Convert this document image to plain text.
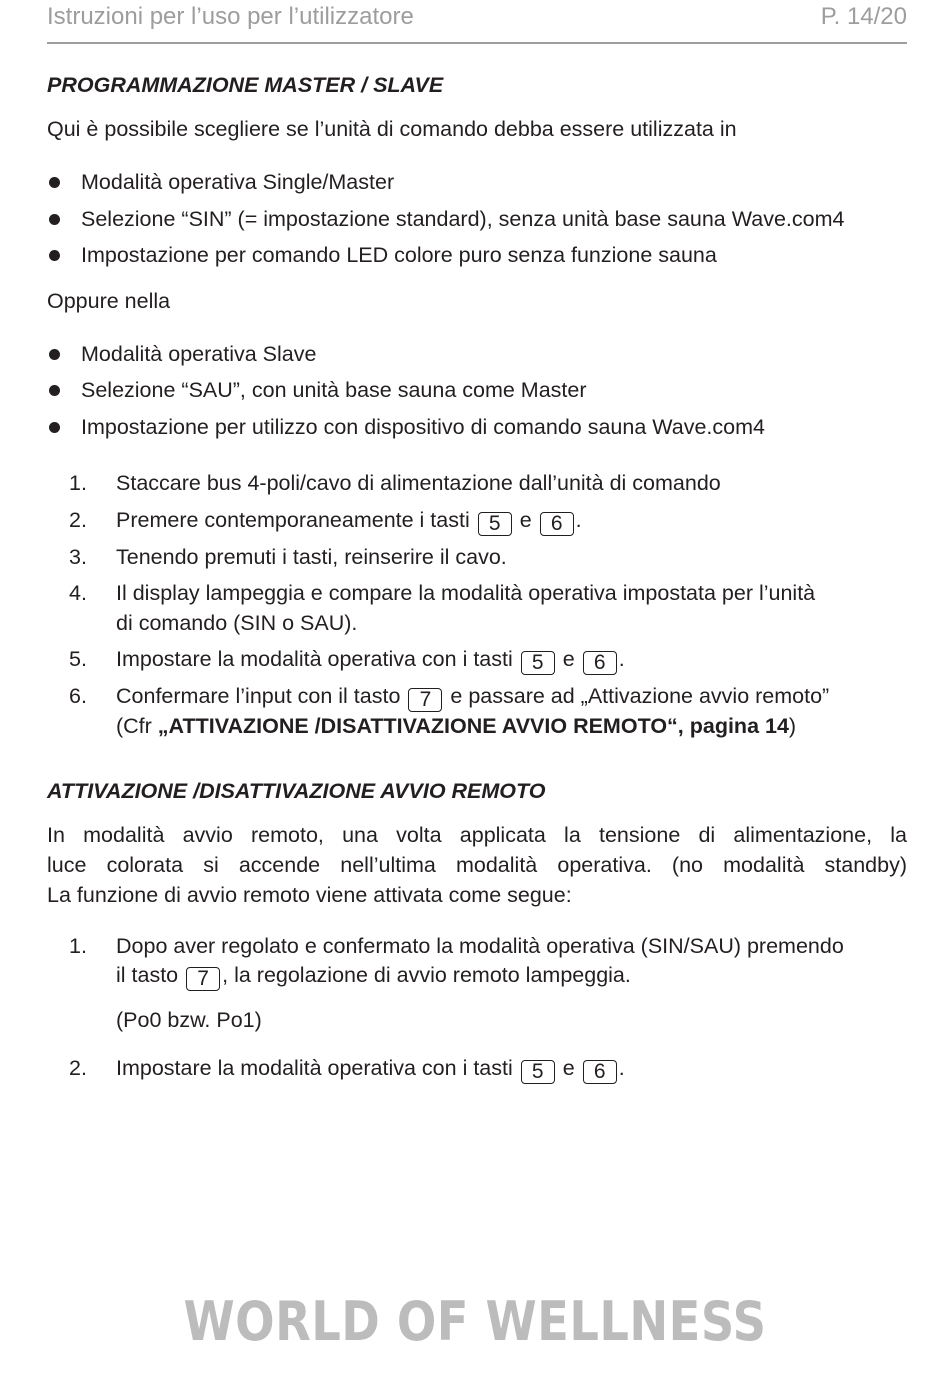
Istruzioni per l’uso per l’utilizzatore	P. 14/20
PROGRAMMAZIONE MASTER / SLAVE

Qui è possibile scegliere se l’unità di comando debba essere utilizzata in

Modalità operativa Single/Master
Selezione “SIN” (= impostazione standard), senza unità base sauna Wave.com4
Impostazione per comando LED colore puro senza funzione sauna

Oppure nella

Modalità operativa Slave
Selezione “SAU”, con unità base sauna come Master
Impostazione per utilizzo con dispositivo di comando sauna Wave.com4
1. Staccare bus 4-poli/cavo di alimentazione dall’unità di comando
2. Premere contemporaneamente i tasti 5 e 6 .
3. Tenendo premuti i tasti, reinserire il cavo.
4. Il display lampeggia e compare la modalità operativa impostata per l’unità
di comando (SIN o SAU).
5. Impostare la modalità operativa con i tasti 5 e 6 .
6. Confermare l’input con il tasto 7 e passare ad „Attivazione avvio remoto”
(Cfr „ATTIVAZIONE /DISATTIVAZIONE AVVIO REMOTO“, pagina 14)
ATTIVAZIONE /DISATTIVAZIONE AVVIO REMOTO

In modalità avvio remoto, una volta applicata la tensione di alimentazione, la
luce colorata si accende nell’ultima modalità operativa. (no modalità standby)
La funzione di avvio remoto viene attivata come segue:

1. Dopo aver regolato e confermato la modalità operativa (SIN/SAU) premendo
il tasto 7 , la regolazione di avvio remoto lampeggia.
(Po0 bzw. Po1)
2. Impostare la modalità operativa con i tasti 5 e 6 .
WORLD OF WELLNESS
